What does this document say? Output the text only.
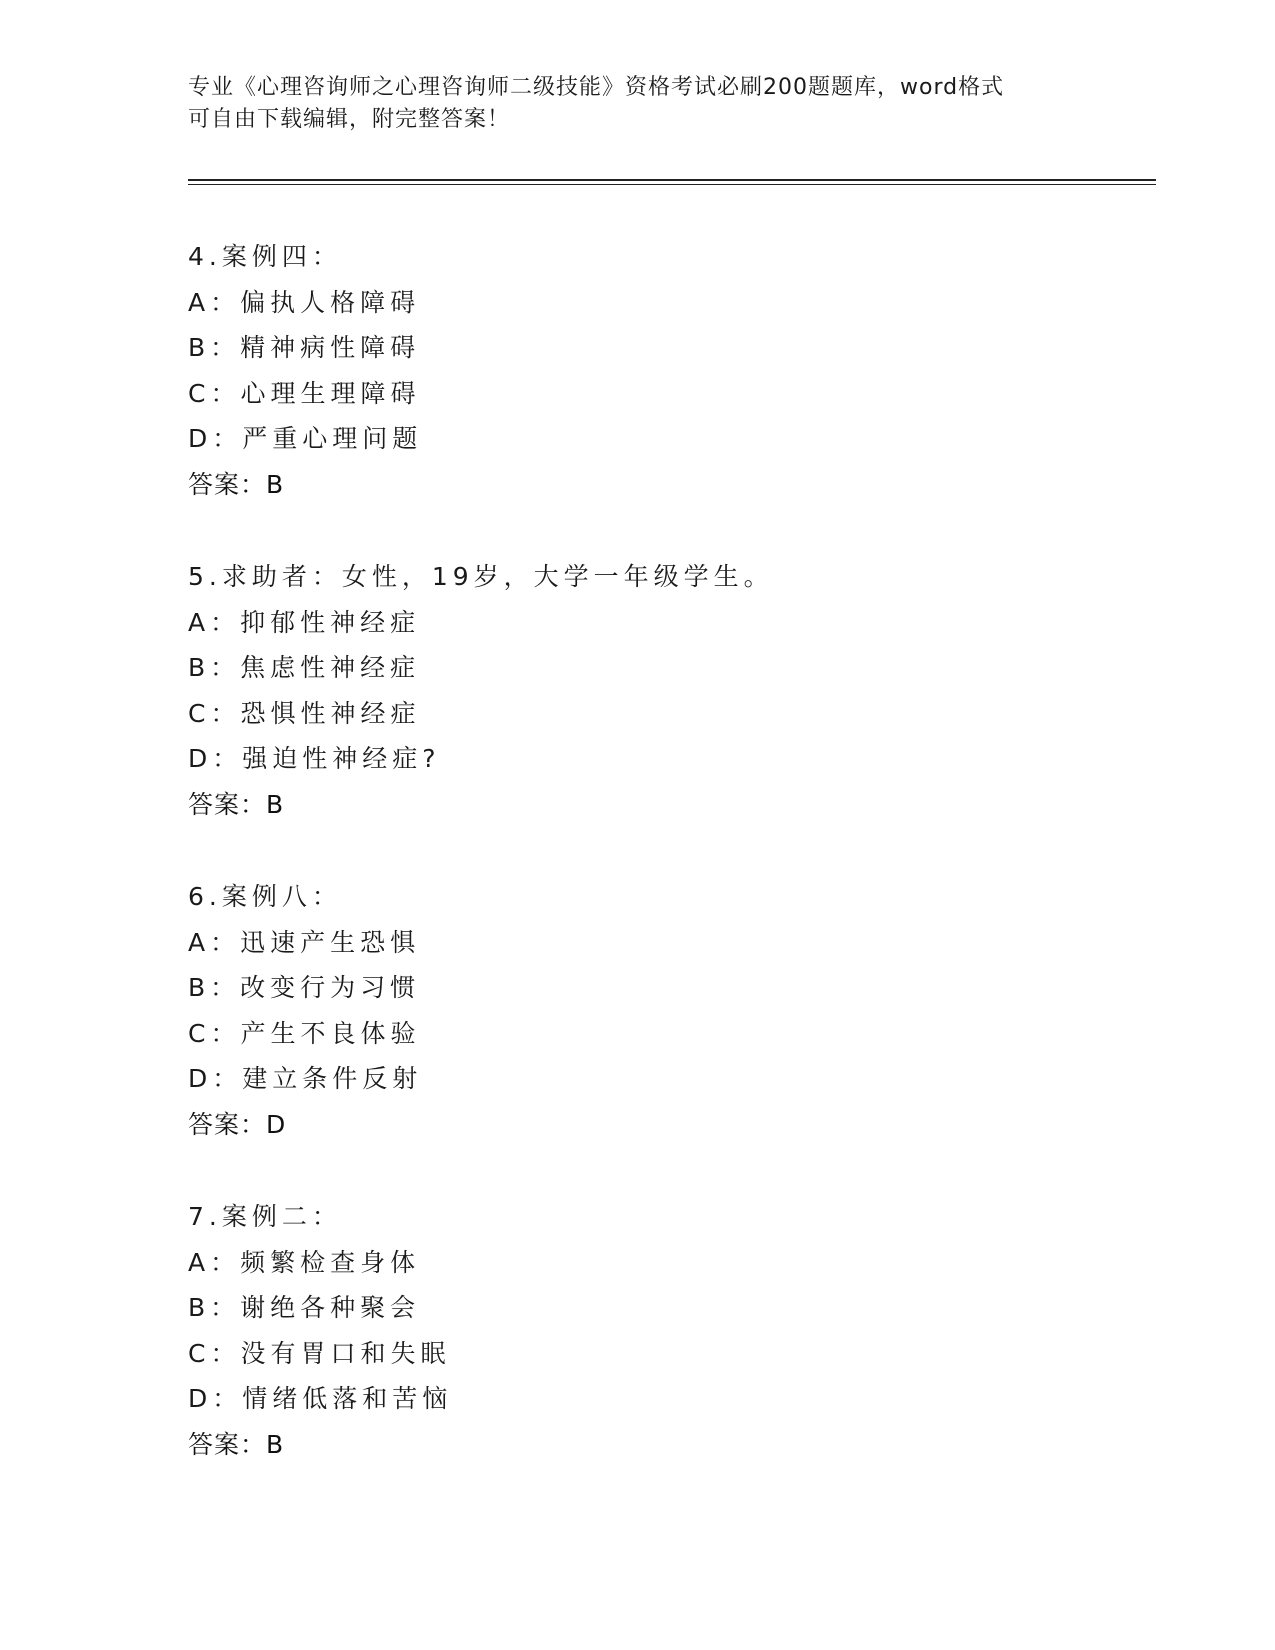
专业《心理咨询师之心理咨询师二级技能》资格考试必刷200题题库，word格式
可自由下载编辑，附完整答案！
4.案例四：
A：偏执人格障碍
B：精神病性障碍
C：心理生理障碍
D：严重心理问题
答案：B
5.求助者：女性，19岁，大学一年级学生。
A：抑郁性神经症
B：焦虑性神经症
C：恐惧性神经症
D：强迫性神经症?
答案：B
6.案例八：
A：迅速产生恐惧
B：改变行为习惯
C：产生不良体验
D：建立条件反射
答案：D
7.案例二：
A：频繁检查身体
B：谢绝各种聚会
C：没有胃口和失眠
D：情绪低落和苦恼
答案：B
